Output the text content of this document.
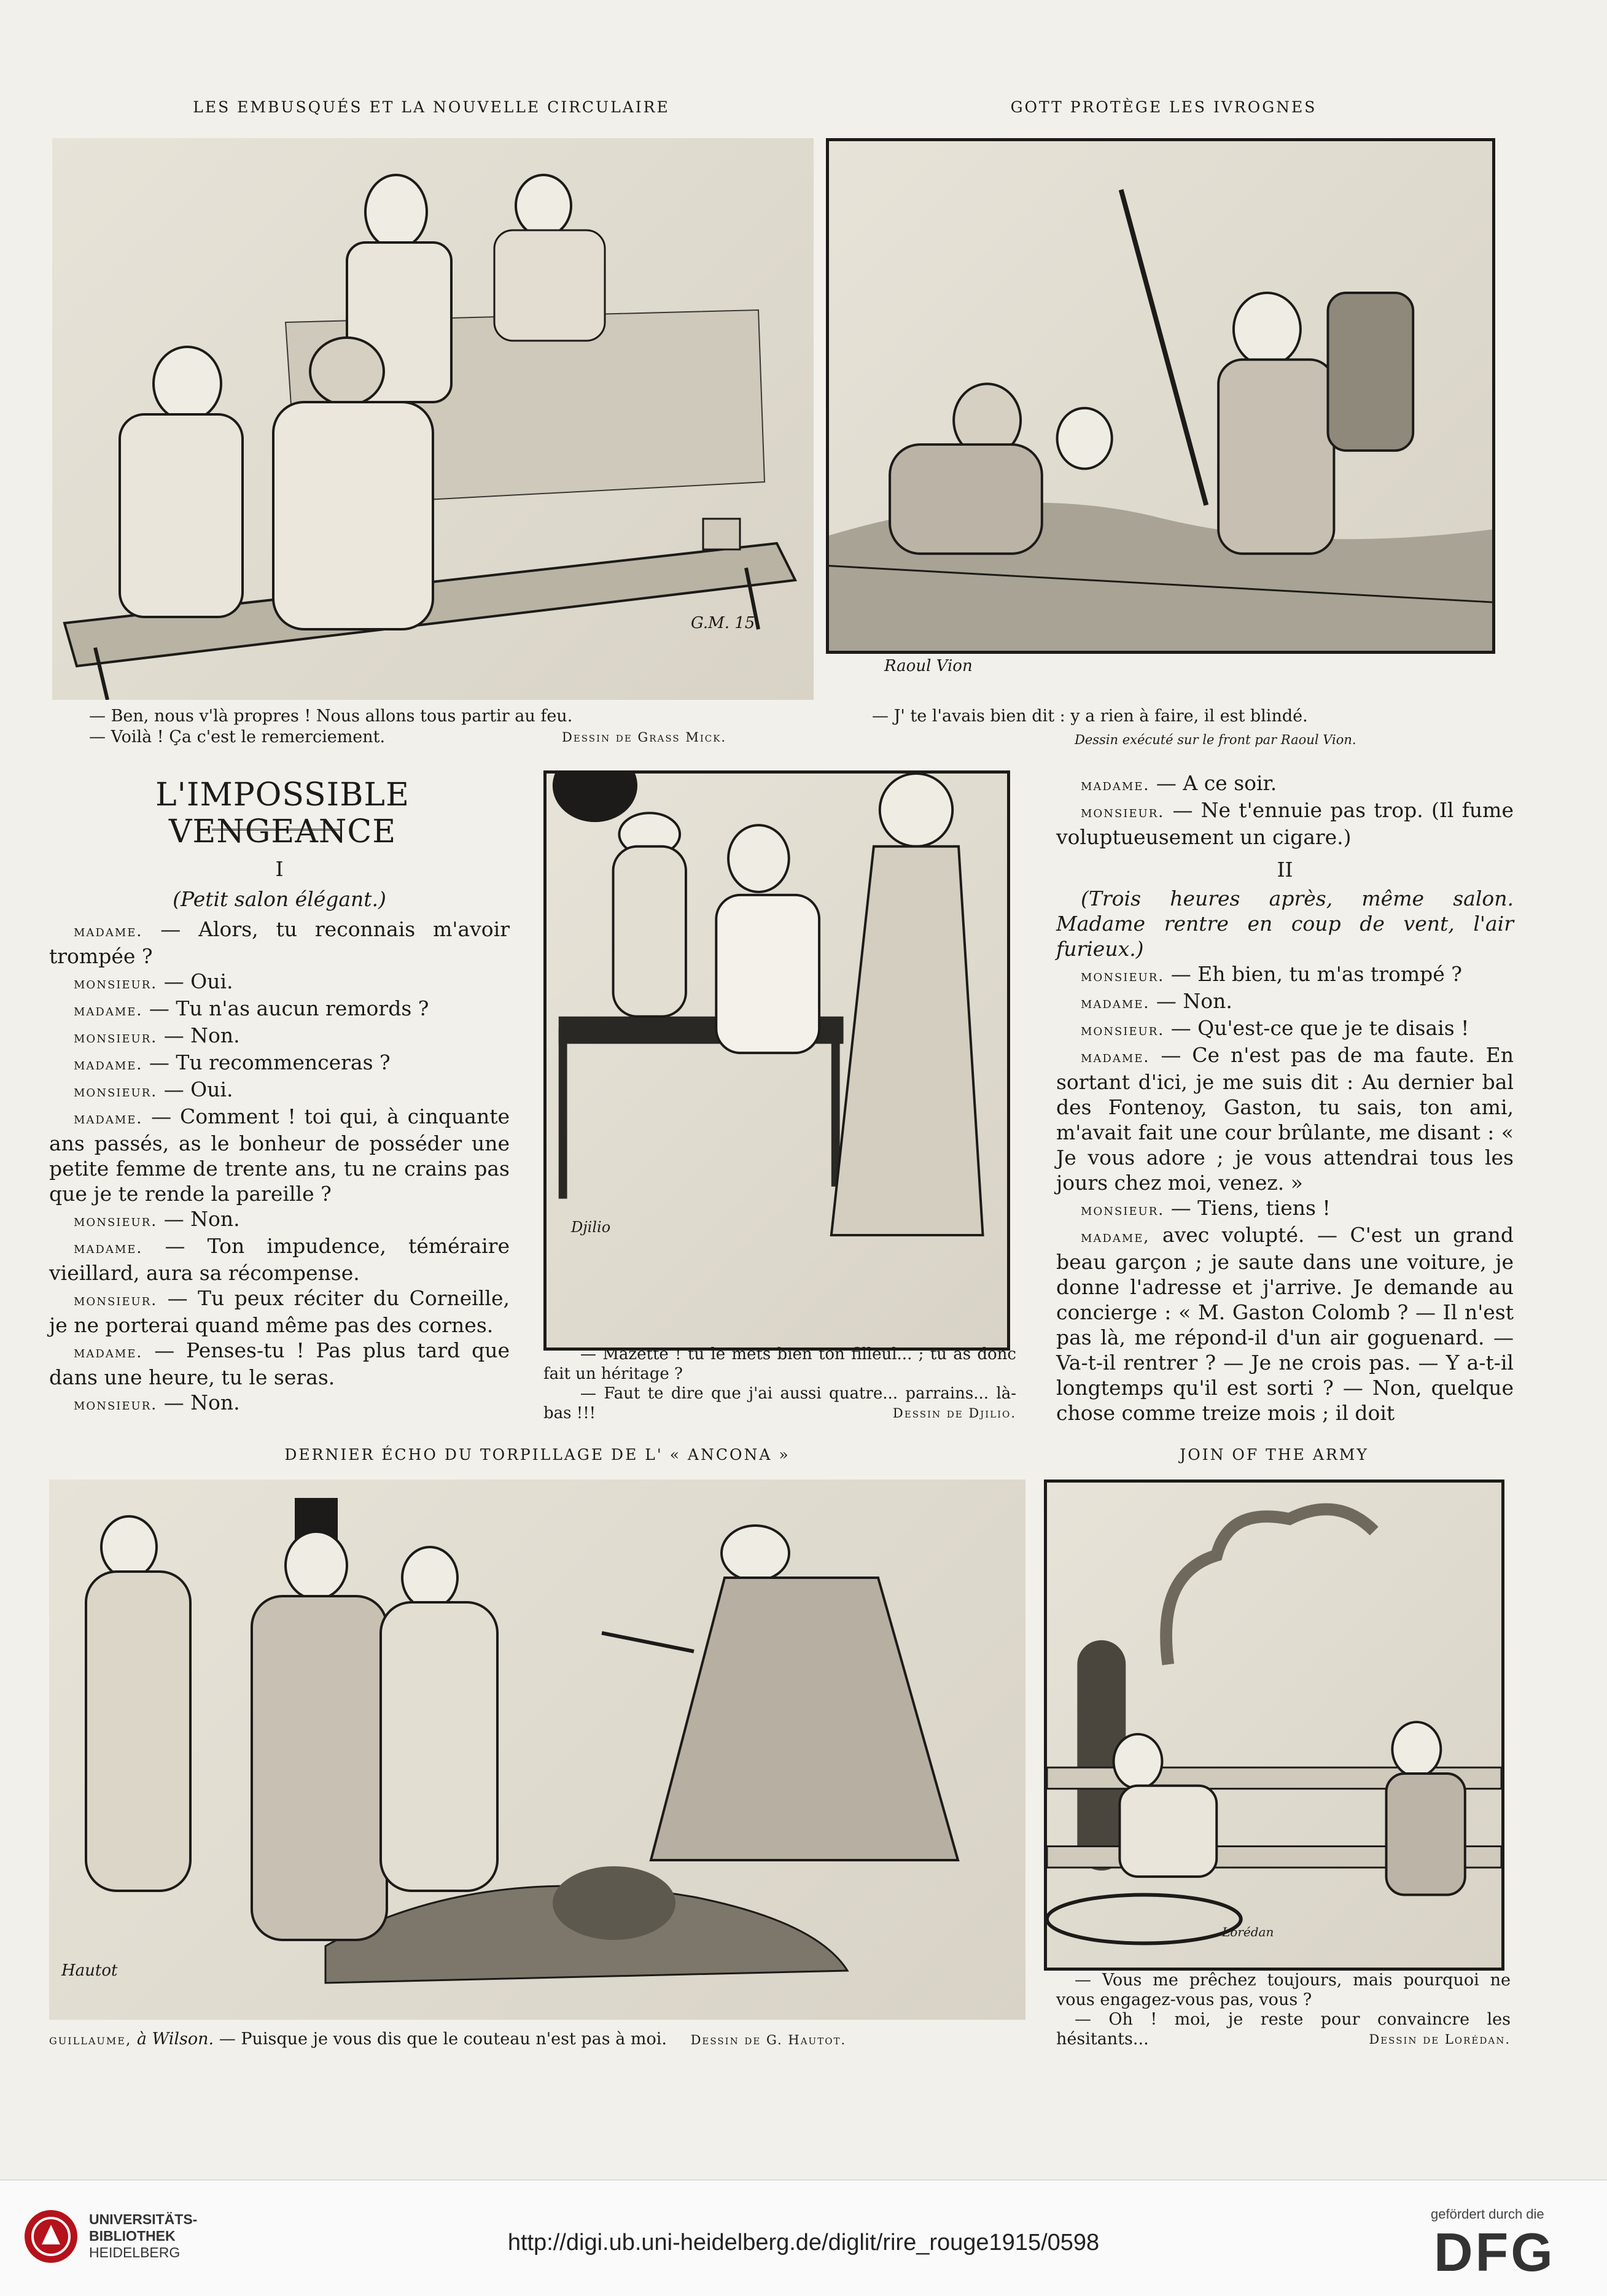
LES EMBUSQUÉS ET LA NOUVELLE CIRCULAIRE
G.M. 15
— Ben, nous v'là propres ! Nous allons tous partir au feu.
— Voilà ! Ça c'est le remerciement.	Dessin de Grass Mick.
GOTT PROTÈGE LES IVROGNES
Raoul Vion
— J' te l'avais bien dit : y a rien à faire, il est blindé.
Dessin exécuté sur le front par Raoul Vion.
L'IMPOSSIBLE VENGEANCE

I

(Petit salon élégant.)

madame. — Alors, tu reconnais m'avoir trompée ?

monsieur. — Oui.

madame. — Tu n'as aucun remords ?

monsieur. — Non.

madame. — Tu recommenceras ?

monsieur. — Oui.

madame. — Comment ! toi qui, à cinquante ans passés, as le bonheur de posséder une petite femme de trente ans, tu ne crains pas que je te rende la pareille ?

monsieur. — Non.

madame. — Ton impudence, téméraire vieillard, aura sa récompense.

monsieur. — Tu peux réciter du Corneille, je ne porterai quand même pas des cornes.

madame. — Penses-tu ! Pas plus tard que dans une heure, tu le seras.

monsieur. — Non.

Djilio
— Mazette ! tu le mets bien ton filleul... ; tu as donc fait un héritage ?
— Faut te dire que j'ai aussi quatre... parrains... là-bas !!!	Dessin de Djilio.

madame. — A ce soir.

monsieur. — Ne t'ennuie pas trop. (Il fume voluptueusement un cigare.)

II

(Trois heures après, même salon. Madame rentre en coup de vent, l'air furieux.)

monsieur. — Eh bien, tu m'as trompé ?

madame. — Non.

monsieur. — Qu'est-ce que je te disais !

madame. — Ce n'est pas de ma faute. En sortant d'ici, je me suis dit : Au dernier bal des Fontenoy, Gaston, tu sais, ton ami, m'avait fait une cour brûlante, me disant : « Je vous adore ; je vous attendrai tous les jours chez moi, venez. »

monsieur. — Tiens, tiens !

madame, avec volupté. — C'est un grand beau garçon ; je saute dans une voiture, je donne l'adresse et j'arrive. Je demande au concierge : « M. Gaston Colomb ? — Il n'est pas là, me répond-il d'un air goguenard. — Va-t-il rentrer ? — Je ne crois pas. — Y a-t-il longtemps qu'il est sorti ? — Non, quelque chose comme treize mois ; il doit

DERNIER ÉCHO DU TORPILLAGE DE L' « ANCONA »
Hautot
guillaume, à Wilson. — Puisque je vous dis que le couteau n'est pas à moi. Dessin de G. Hautot.
JOIN OF THE ARMY
Lorédan
— Vous me prêchez toujours, mais pourquoi ne vous engagez-vous pas, vous ?
— Oh ! moi, je reste pour convaincre les hésitants...	Dessin de Lorédan.
UNIVERSITÄTS-
BIBLIOTHEK
HEIDELBERG	http://digi.ub.uni-heidelberg.de/diglit/rire_rouge1915/0598
gefördert durch die
DFG
